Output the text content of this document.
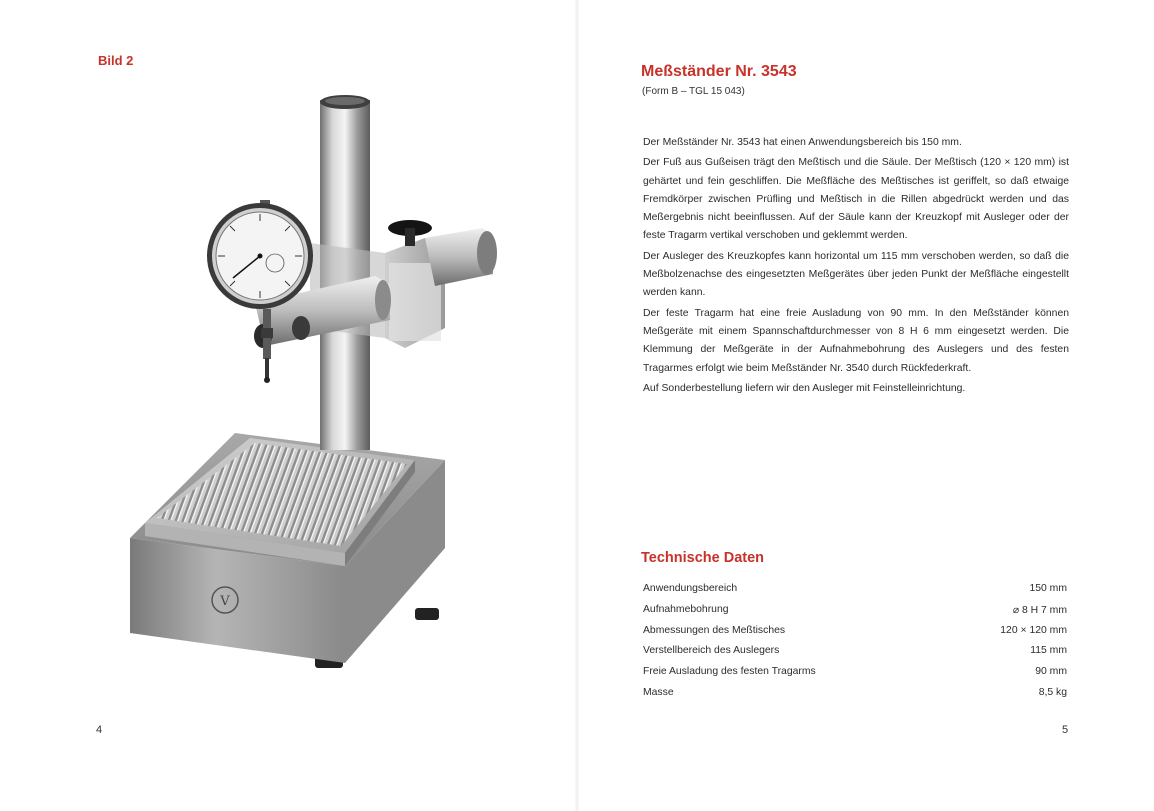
Bild 2
V
4
Meßständer Nr. 3543
(Form B – TGL 15 043)

Der Meßständer Nr. 3543 hat einen Anwendungsbereich bis 150 mm.

Der Fuß aus Gußeisen trägt den Meßtisch und die Säule. Der Meßtisch (120 × 120 mm) ist gehärtet und fein geschliffen. Die Meßfläche des Meßtisches ist geriffelt, so daß etwaige Fremdkörper zwischen Prüfling und Meßtisch in die Rillen abgedrückt werden und das Meßergebnis nicht beeinflussen. Auf der Säule kann der Kreuzkopf mit Ausleger oder der feste Tragarm vertikal verschoben und geklemmt werden.

Der Ausleger des Kreuzkopfes kann horizontal um 115 mm verschoben werden, so daß die Meßbolzenachse des eingesetzten Meßgerätes über jeden Punkt der Meßfläche eingestellt werden kann.

Der feste Tragarm hat eine freie Ausladung von 90 mm. In den Meßständer können Meßgeräte mit einem Spannschaftdurchmesser von 8 H 6 mm eingesetzt werden. Die Klemmung der Meßgeräte in der Aufnahmebohrung des Auslegers und des festen Tragarmes erfolgt wie beim Meßständer Nr. 3540 durch Rückfederkraft.

Auf Sonderbestellung liefern wir den Ausleger mit Feinstelleinrichtung.

Technische Daten
Anwendungsbereich	150 mm
Aufnahmebohrung	⌀ 8 H 7 mm
Abmessungen des Meßtisches	120 × 120 mm
Verstellbereich des Auslegers	115 mm
Freie Ausladung des festen Tragarms	90 mm
Masse	8,5 kg
5
